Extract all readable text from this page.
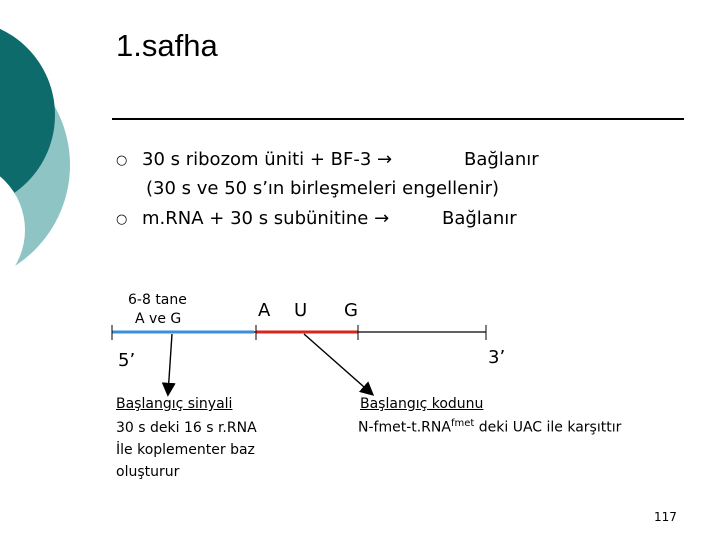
1.safha
○ 30 s ribozom üniti + BF-3 →	Bağlanır
(30 s ve 50 s’ın birleşmeleri engellenir)
○ m.RNA + 30 s subünitine →	Bağlanır
6-8 tane
A ve G	A U G
5’	3’
Başlangıç sinyali
30 s deki 16 s r.RNA
İle koplementer baz
oluşturur
Başlangıç kodunu
$N-fmet-t.RNA^{fmet}$ deki UAC ile karşıttır
117
